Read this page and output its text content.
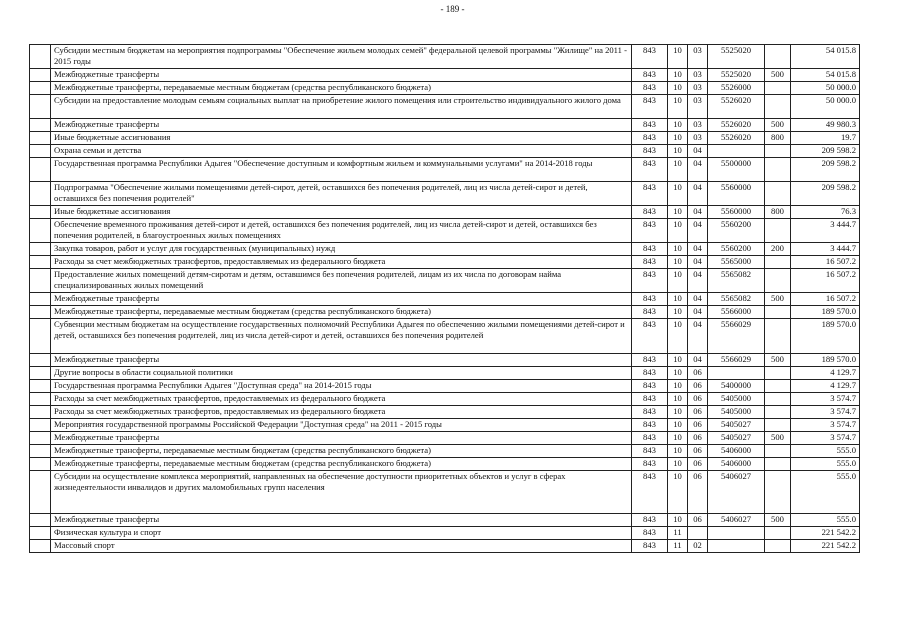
- 189 -
	Субсидии местным бюджетам на мероприятия подпрограммы "Обеспечение жильем молодых семей" федеральной целевой программы "Жилище" на 2011 - 2015 годы	843	10	03	5525020		54 015.8
	Межбюджетные трансферты	843	10	03	5525020	500	54 015.8
	Межбюджетные трансферты, передаваемые местным бюджетам (средства республиканского бюджета)	843	10	03	5526000		50 000.0
	Субсидии на предоставление молодым семьям социальных выплат на приобретение жилого помещения или строительство индивидуального жилого дома	843	10	03	5526020		50 000.0
	Межбюджетные трансферты	843	10	03	5526020	500	49 980.3
	Иные бюджетные ассигнования	843	10	03	5526020	800	19.7
	Охрана семьи и детства	843	10	04			209 598.2
	Государственная программа Республики Адыгея "Обеспечение доступным и комфортным жильем и коммунальными услугами" на 2014-2018 годы	843	10	04	5500000		209 598.2
	Подпрограмма "Обеспечение жилыми помещениями детей-сирот, детей, оставшихся без попечения родителей, лиц из числа детей-сирот и детей, оставшихся без попечения родителей"	843	10	04	5560000		209 598.2
	Иные бюджетные ассигнования	843	10	04	5560000	800	76.3
	Обеспечение временного проживания детей-сирот и детей, оставшихся без попечения родителей, лиц из числа детей-сирот и детей, оставшихся без попечения родителей, в благоустроенных жилых помещениях	843	10	04	5560200		3 444.7
	Закупка товаров, работ и услуг для государственных (муниципальных) нужд	843	10	04	5560200	200	3 444.7
	Расходы за счет межбюджетных трансфертов, предоставляемых из федерального бюджета	843	10	04	5565000		16 507.2
	Предоставление жилых помещений детям-сиротам и детям, оставшимся без попечения родителей, лицам из их числа по договорам найма специализированных жилых помещений	843	10	04	5565082		16 507.2
	Межбюджетные трансферты	843	10	04	5565082	500	16 507.2
	Межбюджетные трансферты, передаваемые местным бюджетам (средства республиканского бюджета)	843	10	04	5566000		189 570.0
	Субвенции местным бюджетам на осуществление государственных полномочий Республики Адыгея по обеспечению жилыми помещениями детей-сирот и детей, оставшихся без попечения родителей, лиц из числа детей-сирот и детей, оставшихся без попечения родителей	843	10	04	5566029		189 570.0
	Межбюджетные трансферты	843	10	04	5566029	500	189 570.0
	Другие вопросы в области социальной политики	843	10	06			4 129.7
	Государственная программа Республики Адыгея "Доступная среда" на 2014-2015 годы	843	10	06	5400000		4 129.7
	Расходы за счет межбюджетных трансфертов, предоставляемых из федерального бюджета	843	10	06	5405000		3 574.7
	Расходы за счет межбюджетных трансфертов, предоставляемых из федерального бюджета	843	10	06	5405000		3 574.7
	Мероприятия государственной программы Российской Федерации "Доступная среда" на 2011 - 2015 годы	843	10	06	5405027		3 574.7
	Межбюджетные трансферты	843	10	06	5405027	500	3 574.7
	Межбюджетные трансферты, передаваемые местным бюджетам (средства республиканского бюджета)	843	10	06	5406000		555.0
	Межбюджетные трансферты, передаваемые местным бюджетам (средства республиканского бюджета)	843	10	06	5406000		555.0
	Субсидии на осуществление комплекса мероприятий, направленных на обеспечение доступности приоритетных объектов и услуг в сферах жизнедеятельности инвалидов и других маломобильных групп населения	843	10	06	5406027		555.0
	Межбюджетные трансферты	843	10	06	5406027	500	555.0
	Физическая культура и спорт	843	11				221 542.2
	Массовый спорт	843	11	02			221 542.2
